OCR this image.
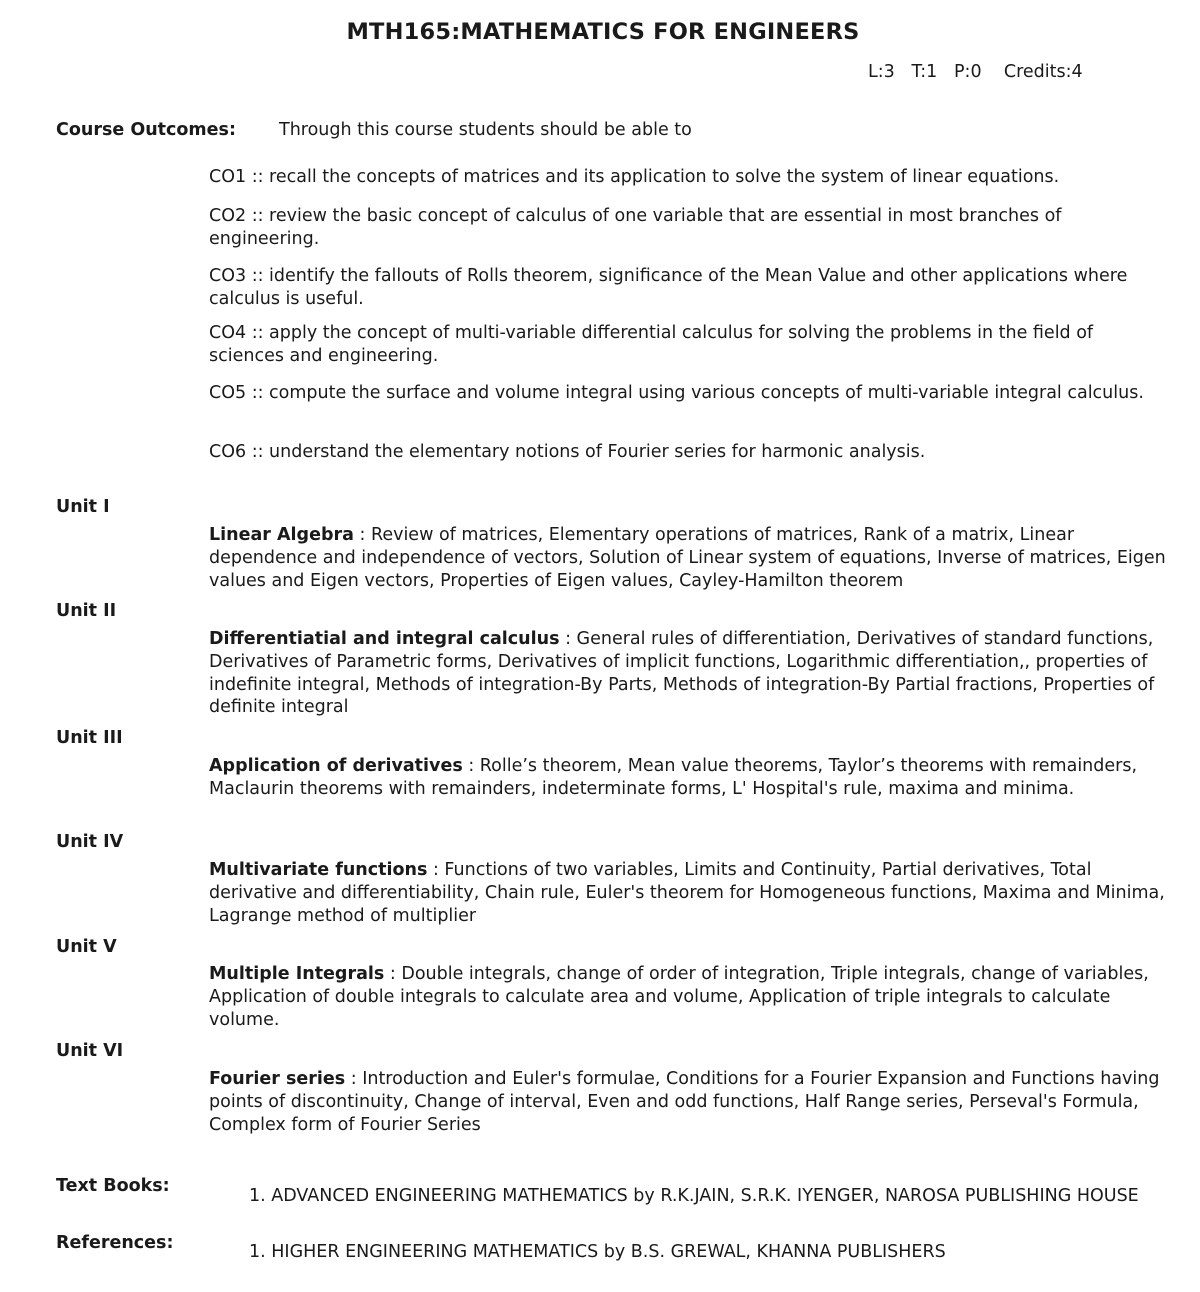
MTH165:MATHEMATICS FOR ENGINEERS
L:3 T:1 P:0 Credits:4
Course Outcomes: Through this course students should be able to
CO1 :: recall the concepts of matrices and its application to solve the system of linear equations.
CO2 :: review the basic concept of calculus of one variable that are essential in most branches of engineering.
CO3 :: identify the fallouts of Rolls theorem, significance of the Mean Value and other applications where calculus is useful.
CO4 :: apply the concept of multi-variable differential calculus for solving the problems in the field of sciences and engineering.
CO5 :: compute the surface and volume integral using various concepts of multi-variable integral calculus.
CO6 :: understand the elementary notions of Fourier series for harmonic analysis.
Unit I
Linear Algebra : Review of matrices, Elementary operations of matrices, Rank of a matrix, Linear dependence and independence of vectors, Solution of Linear system of equations, Inverse of matrices, Eigen values and Eigen vectors, Properties of Eigen values, Cayley-Hamilton theorem
Unit II
Differentiatial and integral calculus : General rules of differentiation, Derivatives of standard functions, Derivatives of Parametric forms, Derivatives of implicit functions, Logarithmic differentiation,, properties of indefinite integral, Methods of integration-By Parts, Methods of integration-By Partial fractions, Properties of definite integral
Unit III
Application of derivatives : Rolle’s theorem, Mean value theorems, Taylor’s theorems with remainders, Maclaurin theorems with remainders, indeterminate forms, L' Hospital's rule, maxima and minima.
Unit IV
Multivariate functions : Functions of two variables, Limits and Continuity, Partial derivatives, Total derivative and differentiability, Chain rule, Euler's theorem for Homogeneous functions, Maxima and Minima, Lagrange method of multiplier
Unit V
Multiple Integrals : Double integrals, change of order of integration, Triple integrals, change of variables, Application of double integrals to calculate area and volume, Application of triple integrals to calculate volume.
Unit VI
Fourier series : Introduction and Euler's formulae, Conditions for a Fourier Expansion and Functions having points of discontinuity, Change of interval, Even and odd functions, Half Range series, Perseval's Formula, Complex form of Fourier Series
Text Books:	1. ADVANCED ENGINEERING MATHEMATICS by R.K.JAIN, S.R.K. IYENGER, NAROSA PUBLISHING HOUSE
References:	1. HIGHER ENGINEERING MATHEMATICS by B.S. GREWAL, KHANNA PUBLISHERS
